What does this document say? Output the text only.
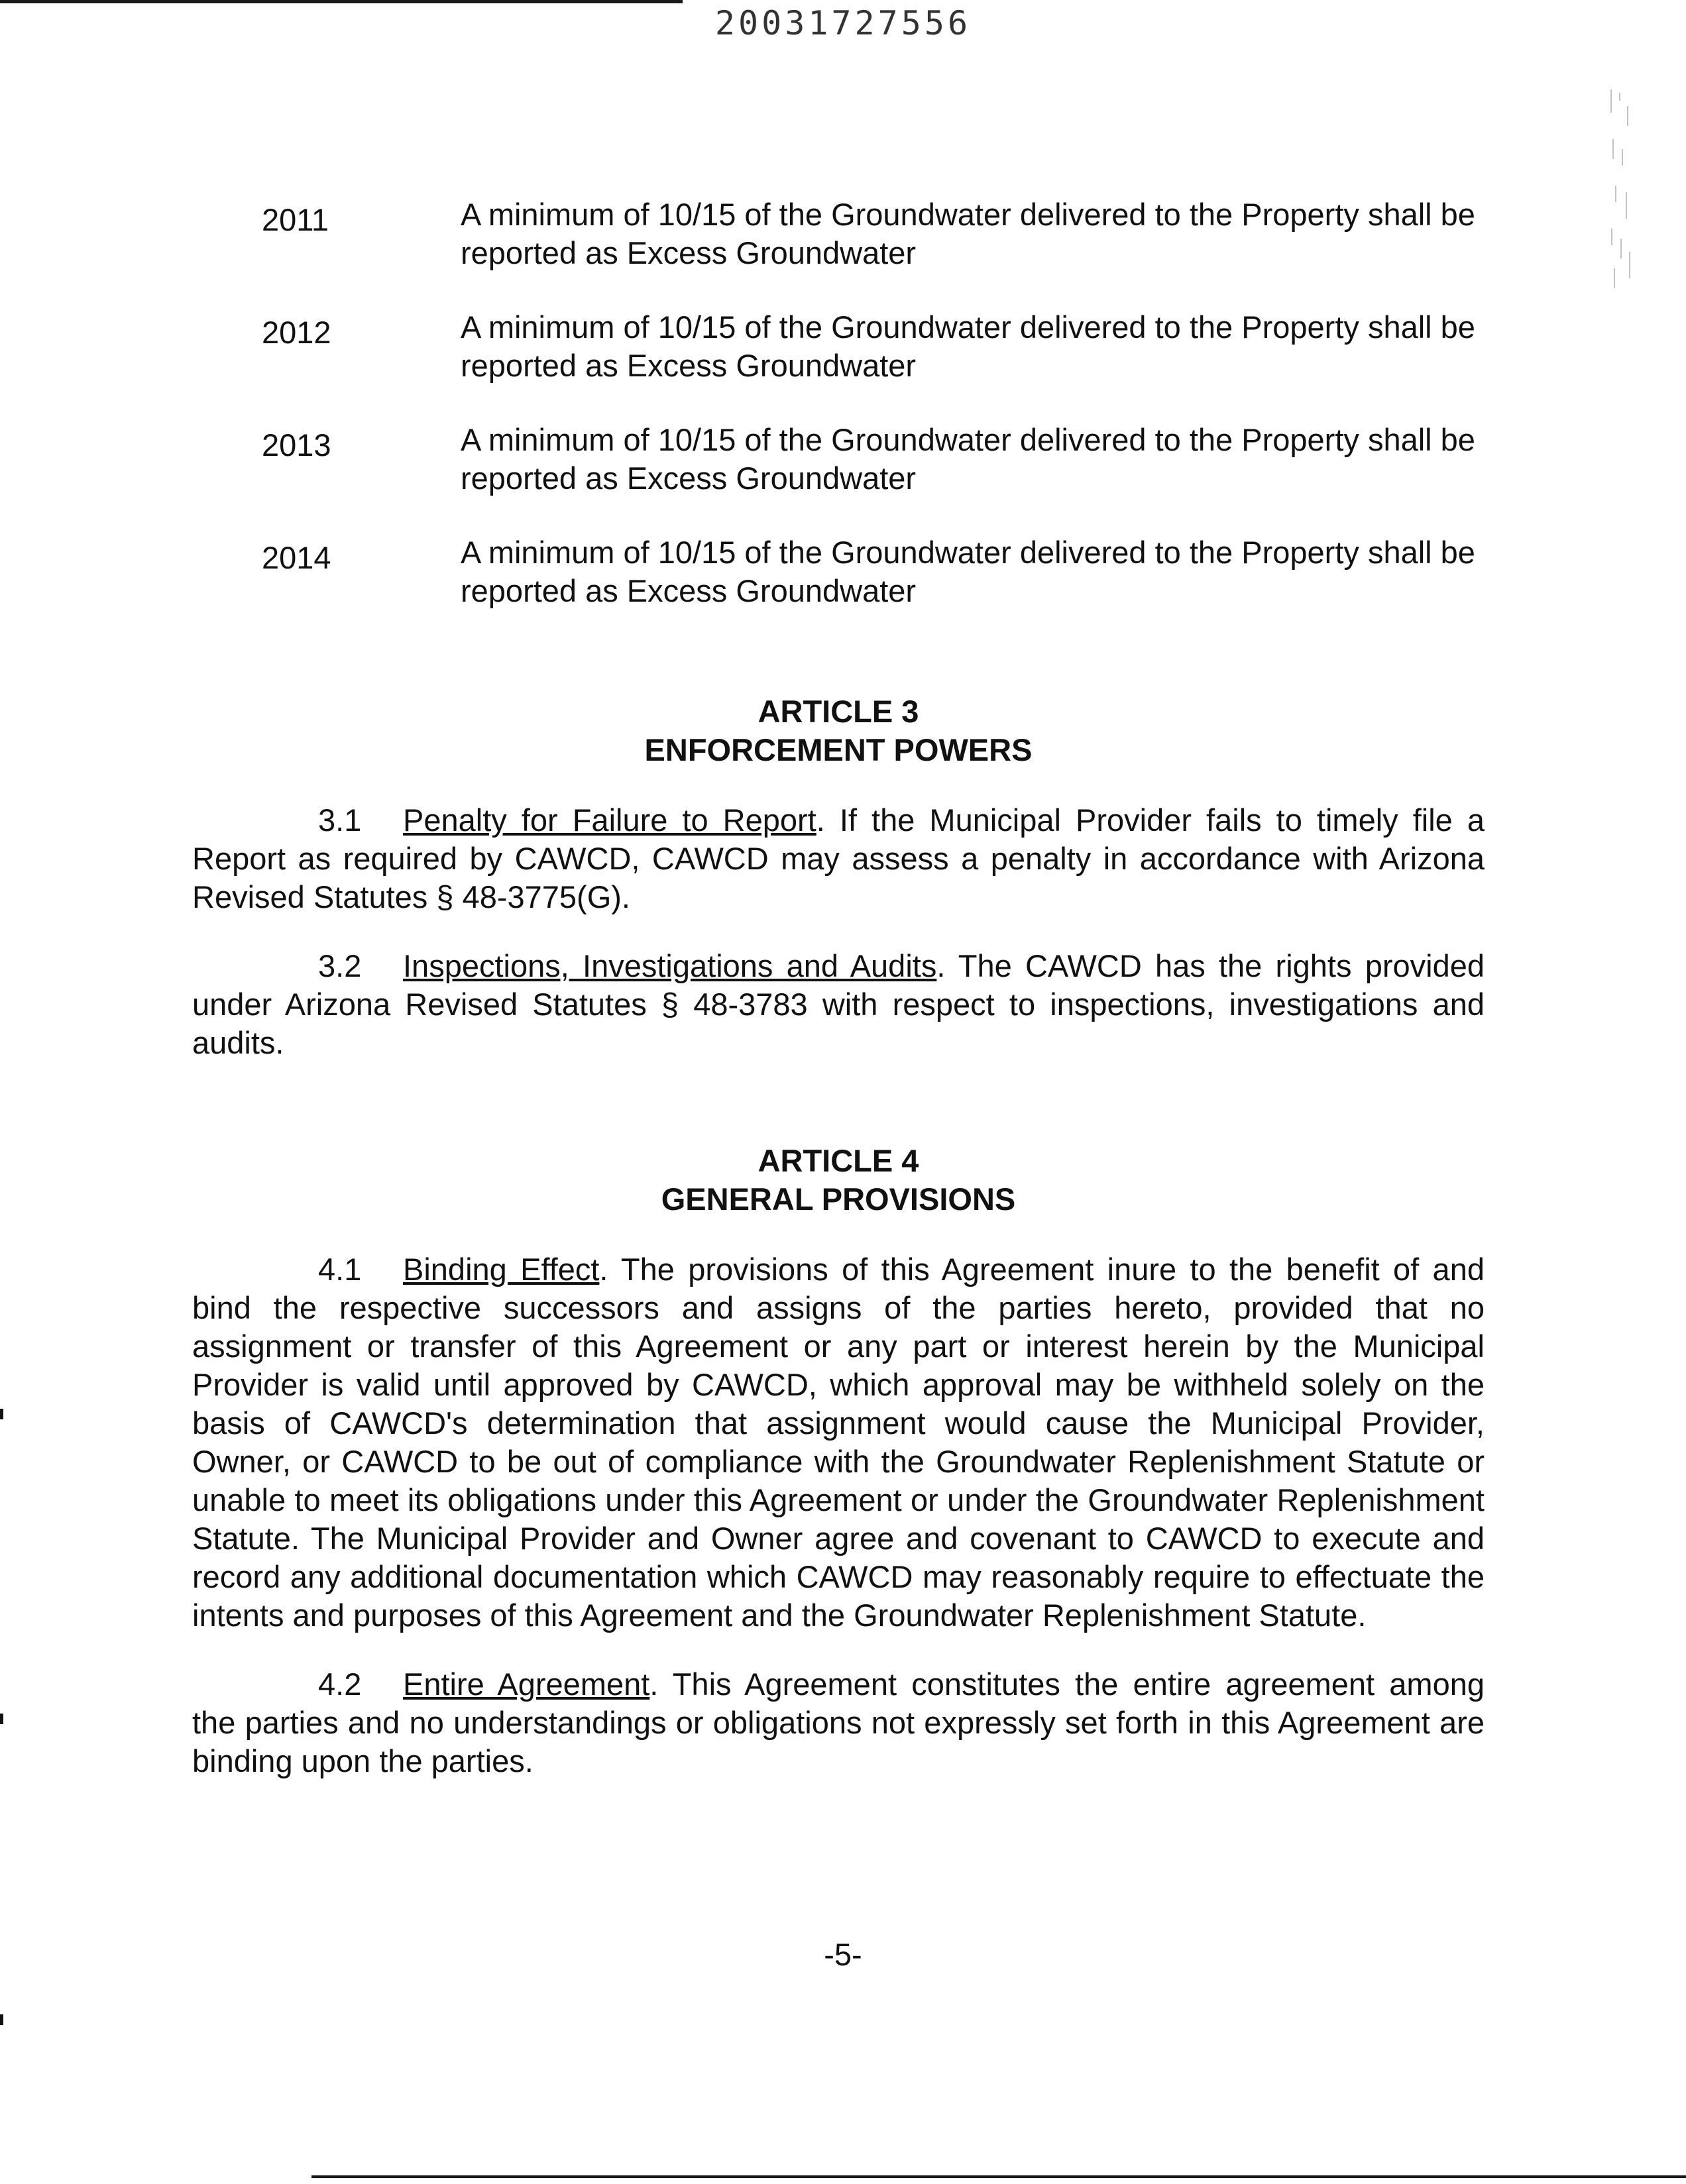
20031727556
2011	A minimum of 10/15 of the Groundwater delivered to the Property shall be reported as Excess Groundwater
2012	A minimum of 10/15 of the Groundwater delivered to the Property shall be reported as Excess Groundwater
2013	A minimum of 10/15 of the Groundwater delivered to the Property shall be reported as Excess Groundwater
2014	A minimum of 10/15 of the Groundwater delivered to the Property shall be reported as Excess Groundwater
ARTICLE 3
ENFORCEMENT POWERS

3.1 Penalty for Failure to Report. If the Municipal Provider fails to timely file a Report as required by CAWCD, CAWCD may assess a penalty in accordance with Arizona Revised Statutes § 48-3775(G).

3.2 Inspections, Investigations and Audits. The CAWCD has the rights provided under Arizona Revised Statutes § 48-3783 with respect to inspections, investigations and audits.

ARTICLE 4
GENERAL PROVISIONS

4.1 Binding Effect. The provisions of this Agreement inure to the benefit of and bind the respective successors and assigns of the parties hereto, provided that no assignment or transfer of this Agreement or any part or interest herein by the Municipal Provider is valid until approved by CAWCD, which approval may be withheld solely on the basis of CAWCD's determination that assignment would cause the Municipal Provider, Owner, or CAWCD to be out of compliance with the Groundwater Replenishment Statute or unable to meet its obligations under this Agreement or under the Groundwater Replenishment Statute. The Municipal Provider and Owner agree and covenant to CAWCD to execute and record any additional documentation which CAWCD may reasonably require to effectuate the intents and purposes of this Agreement and the Groundwater Replenishment Statute.

4.2 Entire Agreement. This Agreement constitutes the entire agreement among the parties and no understandings or obligations not expressly set forth in this Agreement are binding upon the parties.

-5-
